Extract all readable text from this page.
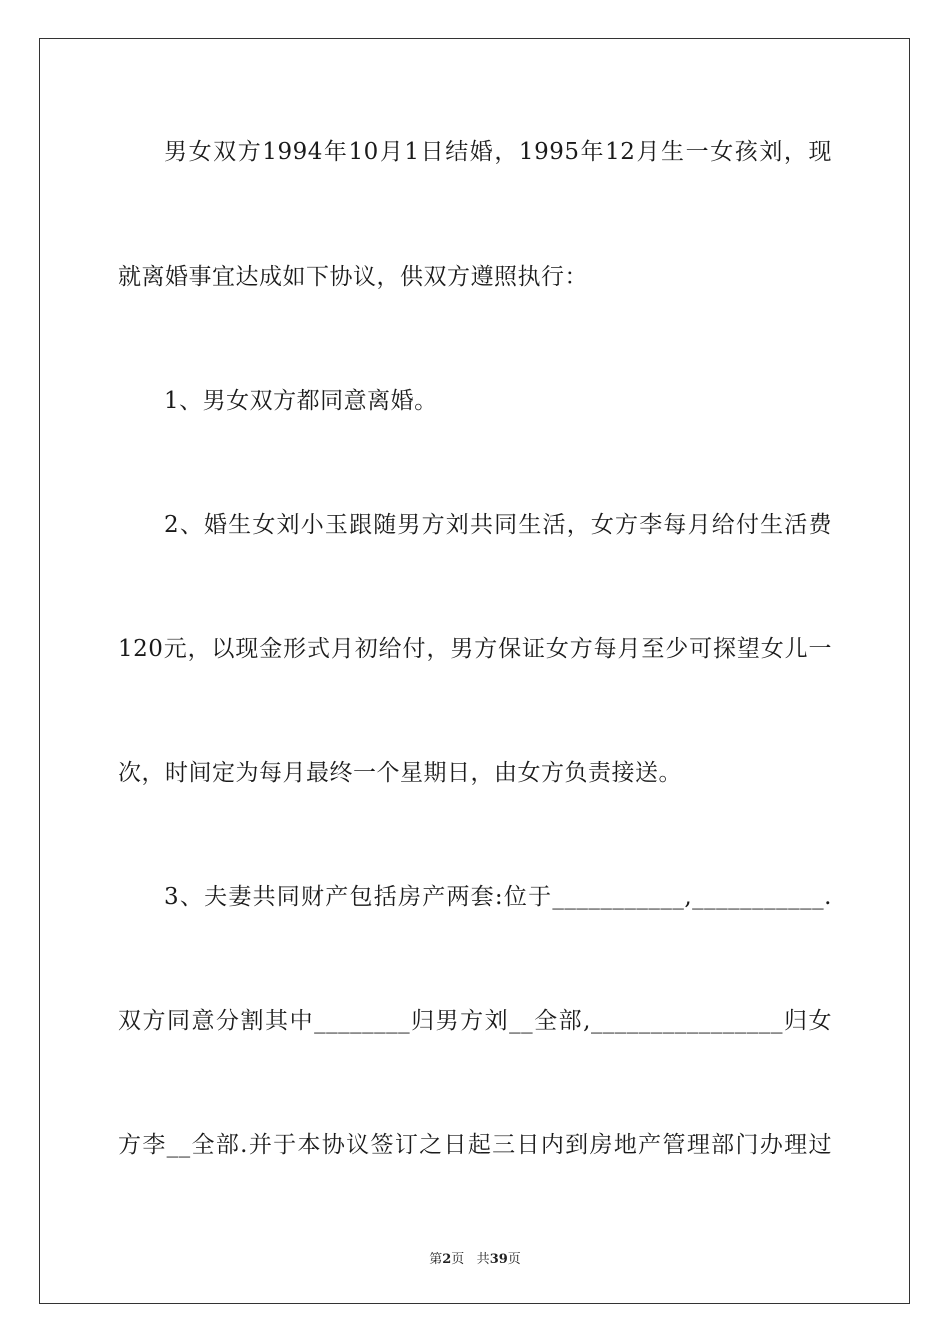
男女双方1994年10月1日结婚，1995年12月生一女孩刘，现
就离婚事宜达成如下协议，供双方遵照执行：
1、男女双方都同意离婚。
2、婚生女刘小玉跟随男方刘共同生活，女方李每月给付生活费
120元，以现金形式月初给付，男方保证女方每月至少可探望女儿一
次，时间定为每月最终一个星期日，由女方负责接送。
3、夫妻共同财产包括房产两套:位于___________,___________.
双方同意分割其中________归男方刘__全部,________________归女
方李__全部.并于本协议签订之日起三日内到房地产管理部门办理过
第2页 共39页
